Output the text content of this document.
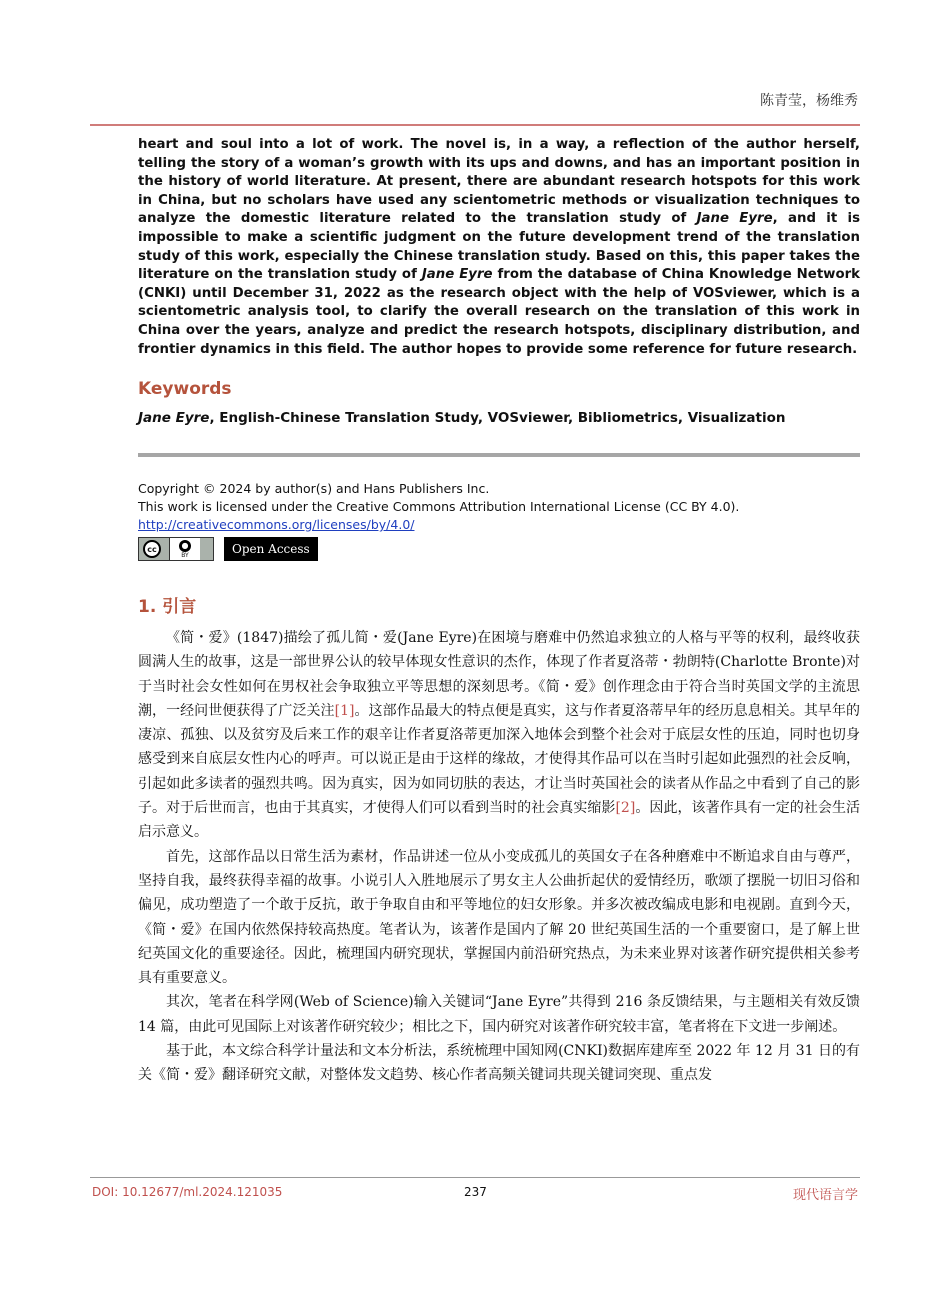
陈青莹，杨维秀
heart and soul into a lot of work. The novel is, in a way, a reflection of the author herself, telling the story of a woman’s growth with its ups and downs, and has an important position in the history of world literature. At present, there are abundant research hotspots for this work in China, but no scholars have used any scientometric methods or visualization techniques to analyze the domestic literature related to the translation study of Jane Eyre, and it is impossible to make a scientific judgment on the future development trend of the translation study of this work, especially the Chinese translation study. Based on this, this paper takes the literature on the translation study of Jane Eyre from the database of China Knowledge Network (CNKI) until December 31, 2022 as the research object with the help of VOSviewer, which is a scientometric analysis tool, to clarify the overall research on the translation of this work in China over the years, analyze and predict the research hotspots, disciplinary distribution, and frontier dynamics in this field. The author hopes to provide some reference for future research.
Keywords
Jane Eyre, English-Chinese Translation Study, VOSviewer, Bibliometrics, Visualization
Copyright © 2024 by author(s) and Hans Publishers Inc.
This work is licensed under the Creative Commons Attribution International License (CC BY 4.0).
http://creativecommons.org/licenses/by/4.0/
cc	●
BY	Open Access
1. 引言

《简・爱》(1847)描绘了孤儿简・爱(Jane Eyre)在困境与磨难中仍然追求独立的人格与平等的权利，最终收获圆满人生的故事，这是一部世界公认的较早体现女性意识的杰作，体现了作者夏洛蒂・勃朗特(Charlotte Bronte)对于当时社会女性如何在男权社会争取独立平等思想的深刻思考。《简・爱》创作理念由于符合当时英国文学的主流思潮，一经问世便获得了广泛关注[1]。这部作品最大的特点便是真实，这与作者夏洛蒂早年的经历息息相关。其早年的凄凉、孤独、以及贫穷及后来工作的艰辛让作者夏洛蒂更加深入地体会到整个社会对于底层女性的压迫，同时也切身感受到来自底层女性内心的呼声。可以说正是由于这样的缘故，才使得其作品可以在当时引起如此强烈的社会反响，引起如此多读者的强烈共鸣。因为真实，因为如同切肤的表达，才让当时英国社会的读者从作品之中看到了自己的影子。对于后世而言，也由于其真实，才使得人们可以看到当时的社会真实缩影[2]。因此，该著作具有一定的社会生活启示意义。

首先，这部作品以日常生活为素材，作品讲述一位从小变成孤儿的英国女子在各种磨难中不断追求自由与尊严，坚持自我，最终获得幸福的故事。小说引人入胜地展示了男女主人公曲折起伏的爱情经历，歌颂了摆脱一切旧习俗和偏见，成功塑造了一个敢于反抗，敢于争取自由和平等地位的妇女形象。并多次被改编成电影和电视剧。直到今天，《简・爱》在国内依然保持较高热度。笔者认为，该著作是国内了解 20 世纪英国生活的一个重要窗口，是了解上世纪英国文化的重要途径。因此，梳理国内研究现状，掌握国内前沿研究热点，为未来业界对该著作研究提供相关参考具有重要意义。

其次，笔者在科学网(Web of Science)输入关键词“Jane Eyre”共得到 216 条反馈结果，与主题相关有效反馈 14 篇，由此可见国际上对该著作研究较少；相比之下，国内研究对该著作研究较丰富，笔者将在下文进一步阐述。

基于此，本文综合科学计量法和文本分析法，系统梳理中国知网(CNKI)数据库建库至 2022 年 12 月 31 日的有关《简・爱》翻译研究文献，对整体发文趋势、核心作者高频关键词共现关键词突现、重点发

DOI: 10.12677/ml.2024.121035	237	现代语言学
